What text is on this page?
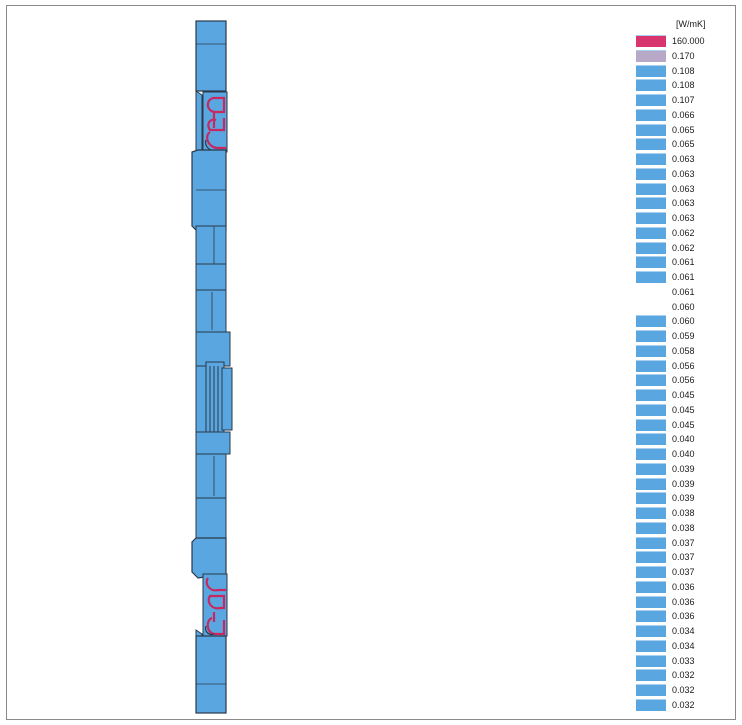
[W/mK]
160.000
0.170
0.108
0.108
0.107
0.066
0.065
0.065
0.063
0.063
0.063
0.063
0.063
0.062
0.062
0.061
0.061
0.061
0.060
0.060
0.059
0.058
0.056
0.056
0.045
0.045
0.045
0.040
0.040
0.039
0.039
0.039
0.038
0.038
0.037
0.037
0.037
0.036
0.036
0.036
0.034
0.034
0.033
0.032
0.032
0.032
